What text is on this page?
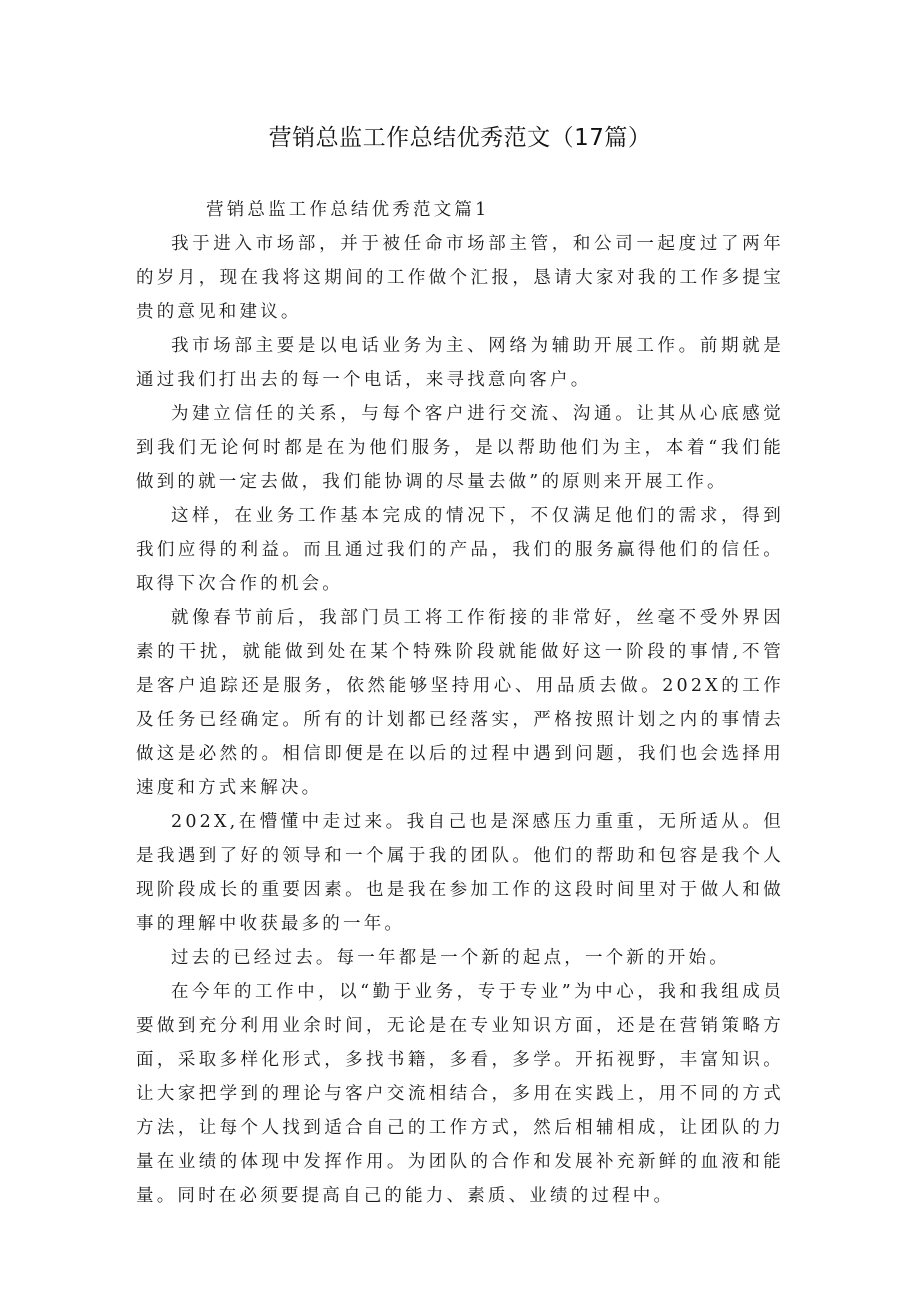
营销总监工作总结优秀范文（17篇）

营销总监工作总结优秀范文篇1

我于进入市场部，并于被任命市场部主管，和公司一起度过了两年的岁月，现在我将这期间的工作做个汇报，恳请大家对我的工作多提宝贵的意见和建议。

我市场部主要是以电话业务为主、网络为辅助开展工作。前期就是通过我们打出去的每一个电话，来寻找意向客户。

为建立信任的关系，与每个客户进行交流、沟通。让其从心底感觉到我们无论何时都是在为他们服务，是以帮助他们为主，本着“我们能做到的就一定去做，我们能协调的尽量去做”的原则来开展工作。

这样，在业务工作基本完成的情况下，不仅满足他们的需求，得到我们应得的利益。而且通过我们的产品，我们的服务赢得他们的信任。取得下次合作的机会。

就像春节前后，我部门员工将工作衔接的非常好，丝毫不受外界因素的干扰，就能做到处在某个特殊阶段就能做好这一阶段的事情,不管是客户追踪还是服务，依然能够坚持用心、用品质去做。202X的工作及任务已经确定。所有的计划都已经落实，严格按照计划之内的事情去做这是必然的。相信即便是在以后的过程中遇到问题，我们也会选择用速度和方式来解决。

202X,在懵懂中走过来。我自己也是深感压力重重，无所适从。但是我遇到了好的领导和一个属于我的团队。他们的帮助和包容是我个人现阶段成长的重要因素。也是我在参加工作的这段时间里对于做人和做事的理解中收获最多的一年。

过去的已经过去。每一年都是一个新的起点，一个新的开始。

在今年的工作中，以“勤于业务，专于专业”为中心，我和我组成员要做到充分利用业余时间，无论是在专业知识方面，还是在营销策略方面，采取多样化形式，多找书籍，多看，多学。开拓视野，丰富知识。让大家把学到的理论与客户交流相结合，多用在实践上，用不同的方式方法，让每个人找到适合自己的工作方式，然后相辅相成，让团队的力量在业绩的体现中发挥作用。为团队的合作和发展补充新鲜的血液和能量。同时在必须要提高自己的能力、素质、业绩的过程中。
